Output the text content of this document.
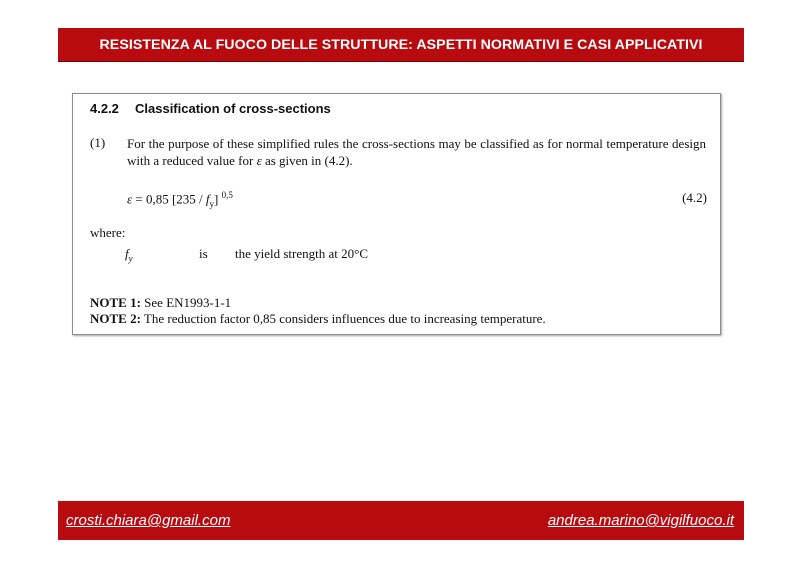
RESISTENZA AL FUOCO DELLE STRUTTURE: ASPETTI NORMATIVI E CASI APPLICATIVI
4.2.2 Classification of cross-sections
(1) For the purpose of these simplified rules the cross-sections may be classified as for normal temperature design with a reduced value for ε as given in (4.2).
ε = 0,85 $[235 / f_y]$ $^{0,5}$	(4.2)
where:
$f_y$	is the yield strength at 20°C
NOTE 1: See EN1993-1-1
NOTE 2: The reduction factor 0,85 considers influences due to increasing temperature.
crosti.chiara@gmail.com	andrea.marino@vigilfuoco.it
